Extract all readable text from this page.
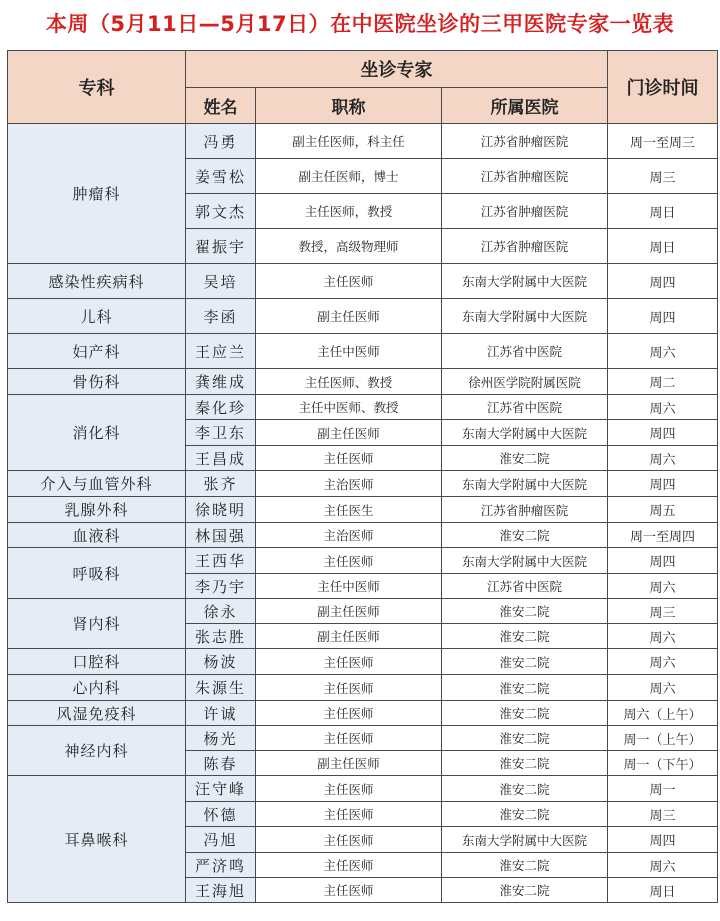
本周（5月11日—5月17日）在中医院坐诊的三甲医院专家一览表
专科	坐诊专家			门诊时间
	姓名	职称	所属医院	
肿瘤科	冯勇	副主任医师，科主任	江苏省肿瘤医院	周一至周三
	姜雪松	副主任医师，博士	江苏省肿瘤医院	周三
	郭文杰	主任医师，教授	江苏省肿瘤医院	周日
	翟振宇	教授，高级物理师	江苏省肿瘤医院	周日
感染性疾病科	吴培	主任医师	东南大学附属中大医院	周四
儿科	李函	副主任医师	东南大学附属中大医院	周四
妇产科	王应兰	主任中医师	江苏省中医院	周六
骨伤科	龚维成	主任医师、教授	徐州医学院附属医院	周二
消化科	秦化珍	主任中医师、教授	江苏省中医院	周六
	李卫东	副主任医师	东南大学附属中大医院	周四
	王昌成	主任医师	淮安二院	周六
介入与血管外科	张齐	主治医师	东南大学附属中大医院	周四
乳腺外科	徐晓明	主任医生	江苏省肿瘤医院	周五
血液科	林国强	主治医师	淮安二院	周一至周四
呼吸科	王西华	主任医师	东南大学附属中大医院	周四
	李乃宇	主任中医师	江苏省中医院	周六
肾内科	徐永	副主任医师	淮安二院	周三
	张志胜	副主任医师	淮安二院	周六
口腔科	杨波	主任医师	淮安二院	周六
心内科	朱源生	主任医师	淮安二院	周六
风湿免疫科	许诚	主任医师	淮安二院	周六（上午）
神经内科	杨光	主任医师	淮安二院	周一（上午）
	陈春	副主任医师	淮安二院	周一（下午）
耳鼻喉科	汪守峰	主任医师	淮安二院	周一
	怀德	主任医师	淮安二院	周三
	冯旭	主任医师	东南大学附属中大医院	周四
	严济鸣	主任医师	淮安二院	周六
	王海旭	主任医师	淮安二院	周日
